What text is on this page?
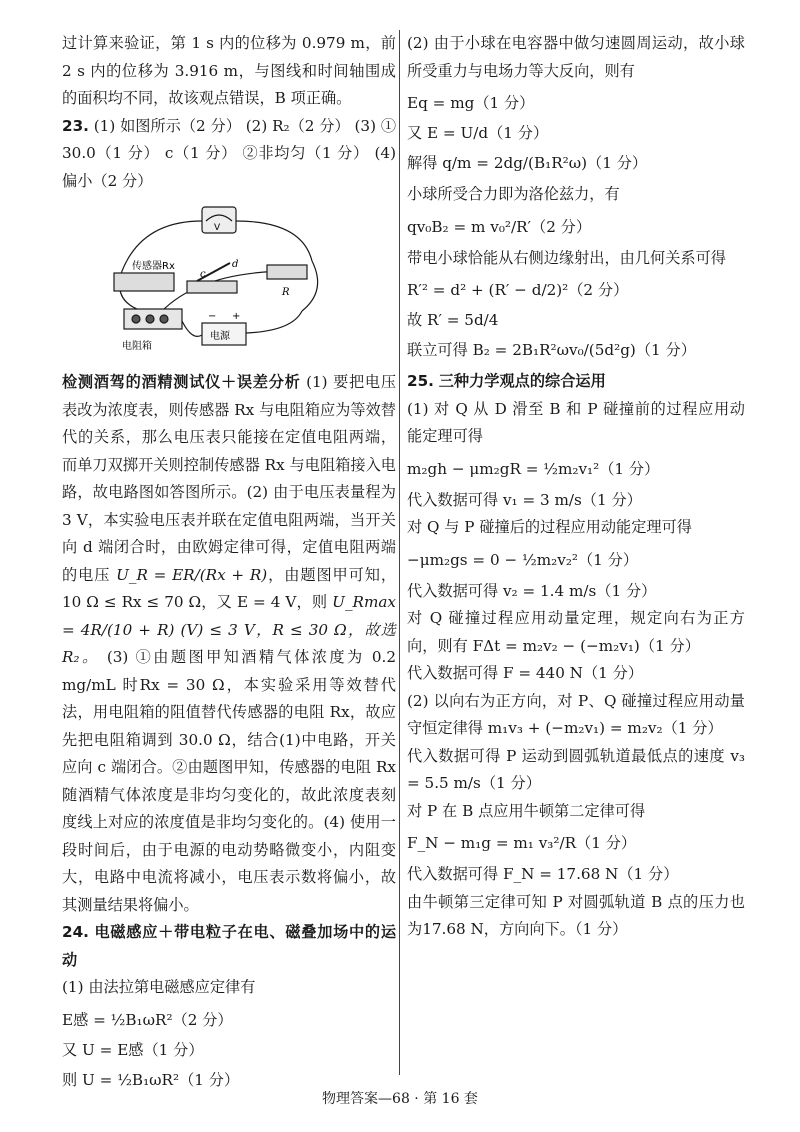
过计算来验证，第 1 s 内的位移为 0.979 m，前 2 s 内的位移为 3.916 m，与图线和时间轴围成的面积均不同，故该观点错误，B 项正确。

23. (1) 如图所示（2 分） (2) R₂（2 分） (3) ① 30.0（1 分） c（1 分） ②非均匀（1 分） (4) 偏小（2 分）

传感器Rx
电阻箱
电源
c
d
R
V
− +

检测酒驾的酒精测试仪＋误差分析 (1) 要把电压表改为浓度表，则传感器 Rx 与电阻箱应为等效替代的关系，那么电压表只能接在定值电阻两端，而单刀双掷开关则控制传感器 Rx 与电阻箱接入电路，故电路图如答图所示。(2) 由于电压表量程为 3 V，本实验电压表并联在定值电阻两端，当开关向 d 端闭合时，由欧姆定律可得，定值电阻两端的电压 U_R = ER/(Rx + R)，由题图甲可知，10 Ω ≤ Rx ≤ 70 Ω，又 E = 4 V，则 U_Rmax = 4R/(10 + R) (V) ≤ 3 V，R ≤ 30 Ω，故选 R₂。 (3) ①由题图甲知酒精气体浓度为 0.2 mg/mL 时Rx = 30 Ω，本实验采用等效替代法，用电阻箱的阻值替代传感器的电阻 Rx，故应先把电阻箱调到 30.0 Ω，结合(1)中电路，开关应向 c 端闭合。②由题图甲知，传感器的电阻 Rx 随酒精气体浓度是非均匀变化的，故此浓度表刻度线上对应的浓度值是非均匀变化的。(4) 使用一段时间后，由于电源的电动势略微变小，内阻变大，电路中电流将减小，电压表示数将偏小，故其测量结果将偏小。

24. 电磁感应＋带电粒子在电、磁叠加场中的运动

(1) 由法拉第电磁感应定律有

E感 = ½B₁ωR²（2 分）

又 U = E感（1 分）

则 U = ½B₁ωR²（1 分）

(2) 由于小球在电容器中做匀速圆周运动，故小球所受重力与电场力等大反向，则有

Eq = mg（1 分）

又 E = U/d（1 分）

解得 q/m = 2dg/(B₁R²ω)（1 分）

小球所受合力即为洛伦兹力，有

qv₀B₂ = m v₀²/R′（2 分）

带电小球恰能从右侧边缘射出，由几何关系可得

R′² = d² + (R′ − d/2)²（2 分）

故 R′ = 5d/4

联立可得 B₂ = 2B₁R²ωv₀/(5d²g)（1 分）

25. 三种力学观点的综合运用

(1) 对 Q 从 D 滑至 B 和 P 碰撞前的过程应用动能定理可得

m₂gh − μm₂gR = ½m₂v₁²（1 分）

代入数据可得 v₁ = 3 m/s（1 分）

对 Q 与 P 碰撞后的过程应用动能定理可得

−μm₂gs = 0 − ½m₂v₂²（1 分）

代入数据可得 v₂ = 1.4 m/s（1 分）

对 Q 碰撞过程应用动量定理，规定向右为正方向，则有 FΔt = m₂v₂ − (−m₂v₁)（1 分）

代入数据可得 F = 440 N（1 分）

(2) 以向右为正方向，对 P、Q 碰撞过程应用动量守恒定律得 m₁v₃ + (−m₂v₁) = m₂v₂（1 分）

代入数据可得 P 运动到圆弧轨道最低点的速度 v₃ = 5.5 m/s（1 分）

对 P 在 B 点应用牛顿第二定律可得

F_N − m₁g = m₁ v₃²/R（1 分）

代入数据可得 F_N = 17.68 N（1 分）

由牛顿第三定律可知 P 对圆弧轨道 B 点的压力也为17.68 N，方向向下。（1 分）

物理答案—68 · 第 16 套
